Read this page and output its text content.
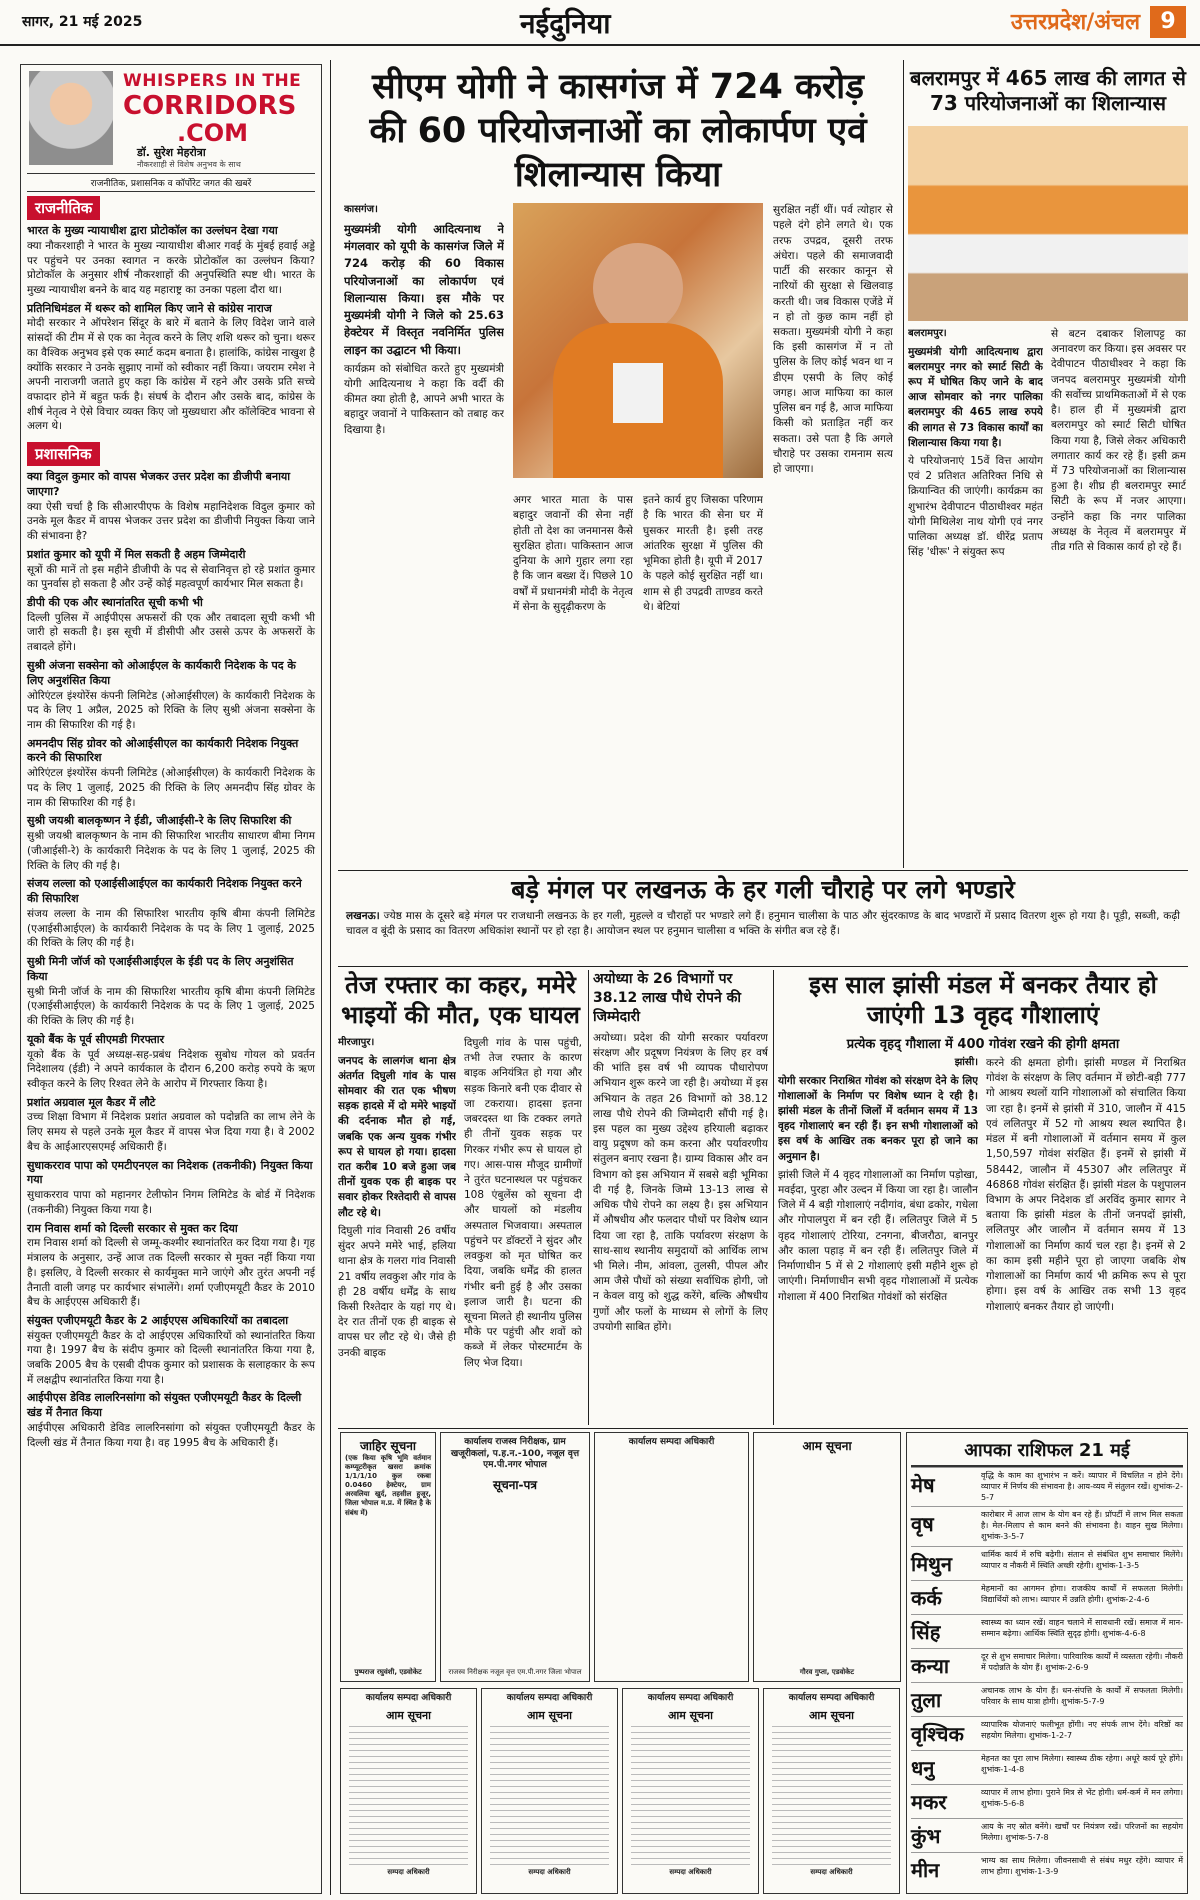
सागर, 21 मई 2025	नईदुनिया	उत्तरप्रदेश/अंचल 9
WHISPERS IN THE
CORRIDORS
.COM
डॉ. सुरेश मेहरोत्रा
नौकरशाही से विशेष अनुभव के साथ
राजनीतिक, प्रशासनिक व कॉर्पोरेट जगत की खबरें
राजनीतिक
भारत के मुख्य न्यायाधीश द्वारा प्रोटोकॉल का उल्लंघन देखा गया
क्या नौकरशाही ने भारत के मुख्य न्यायाधीश बीआर गवई के मुंबई हवाई अड्डे पर पहुंचने पर उनका स्वागत न करके प्रोटोकॉल का उल्लंघन किया? प्रोटोकॉल के अनुसार शीर्ष नौकरशाहों की अनुपस्थिति स्पष्ट थी। भारत के मुख्य न्यायाधीश बनने के बाद यह महाराष्ट्र का उनका पहला दौरा था।
प्रतिनिधिमंडल में थरूर को शामिल किए जाने से कांग्रेस नाराज
मोदी सरकार ने ऑपरेशन सिंदूर के बारे में बताने के लिए विदेश जाने वाले सांसदों की टीम में से एक का नेतृत्व करने के लिए शशि थरूर को चुना। थरूर का वैश्विक अनुभव इसे एक स्मार्ट कदम बनाता है। हालांकि, कांग्रेस नाखुश है क्योंकि सरकार ने उनके सुझाए नामों को स्वीकार नहीं किया। जयराम रमेश ने अपनी नाराजगी जताते हुए कहा कि कांग्रेस में रहने और उसके प्रति सच्चे वफादार होने में बहुत फर्क है। संघर्ष के दौरान और उसके बाद, कांग्रेस के शीर्ष नेतृत्व ने ऐसे विचार व्यक्त किए जो मुख्यधारा और कॉलेक्टिव भावना से अलग थे।
प्रशासनिक
क्या विदुल कुमार को वापस भेजकर उत्तर प्रदेश का डीजीपी बनाया जाएगा?
क्या ऐसी चर्चा है कि सीआरपीएफ के विशेष महानिदेशक विदुल कुमार को उनके मूल कैडर में वापस भेजकर उत्तर प्रदेश का डीजीपी नियुक्त किया जाने की संभावना है?
प्रशांत कुमार को यूपी में मिल सकती है अहम जिम्मेदारी
सूत्रों की मानें तो इस महीने डीजीपी के पद से सेवानिवृत्त हो रहे प्रशांत कुमार का पुनर्वास हो सकता है और उन्हें कोई महत्वपूर्ण कार्यभार मिल सकता है।
डीपी की एक और स्थानांतरित सूची कभी भी
दिल्ली पुलिस में आईपीएस अफसरों की एक और तबादला सूची कभी भी जारी हो सकती है। इस सूची में डीसीपी और उससे ऊपर के अफसरों के तबादले होंगे।
सुश्री अंजना सक्सेना को ओआईएल के कार्यकारी निदेशक के पद के लिए अनुशंसित किया
ओरिएंटल इंश्योरेंस कंपनी लिमिटेड (ओआईसीएल) के कार्यकारी निदेशक के पद के लिए 1 अप्रैल, 2025 को रिक्ति के लिए सुश्री अंजना सक्सेना के नाम की सिफारिश की गई है।
अमनदीप सिंह ग्रोवर को ओआईसीएल का कार्यकारी निदेशक नियुक्त करने की सिफारिश
ओरिएंटल इंश्योरेंस कंपनी लिमिटेड (ओआईसीएल) के कार्यकारी निदेशक के पद के लिए 1 जुलाई, 2025 की रिक्ति के लिए अमनदीप सिंह ग्रोवर के नाम की सिफारिश की गई है।
सुश्री जयश्री बालकृष्णन ने ईडी, जीआईसी-रे के लिए सिफारिश की
सुश्री जयश्री बालकृष्णन के नाम की सिफारिश भारतीय साधारण बीमा निगम (जीआईसी-रे) के कार्यकारी निदेशक के पद के लिए 1 जुलाई, 2025 की रिक्ति के लिए की गई है।
संजय लल्ला को एआईसीआईएल का कार्यकारी निदेशक नियुक्त करने की सिफारिश
संजय लल्ला के नाम की सिफारिश भारतीय कृषि बीमा कंपनी लिमिटेड (एआईसीआईएल) के कार्यकारी निदेशक के पद के लिए 1 जुलाई, 2025 की रिक्ति के लिए की गई है।
सुश्री मिनी जॉर्ज को एआईसीआईएल के ईडी पद के लिए अनुशंसित किया
सुश्री मिनी जॉर्ज के नाम की सिफारिश भारतीय कृषि बीमा कंपनी लिमिटेड (एआईसीआईएल) के कार्यकारी निदेशक के पद के लिए 1 जुलाई, 2025 की रिक्ति के लिए की गई है।
यूको बैंक के पूर्व सीएमडी गिरफ्तार
यूको बैंक के पूर्व अध्यक्ष-सह-प्रबंध निदेशक सुबोध गोयल को प्रवर्तन निदेशालय (ईडी) ने अपने कार्यकाल के दौरान 6,200 करोड़ रुपये के ऋण स्वीकृत करने के लिए रिश्वत लेने के आरोप में गिरफ्तार किया है।
प्रशांत अग्रवाल मूल कैडर में लौटे
उच्च शिक्षा विभाग में निदेशक प्रशांत अग्रवाल को पदोन्नति का लाभ लेने के लिए समय से पहले उनके मूल कैडर में वापस भेज दिया गया है। वे 2002 बैच के आईआरएसएमई अधिकारी हैं।
सुधाकरराव पापा को एमटीएनएल का निदेशक (तकनीकी) नियुक्त किया गया
सुधाकरराव पापा को महानगर टेलीफोन निगम लिमिटेड के बोर्ड में निदेशक (तकनीकी) नियुक्त किया गया है।
राम निवास शर्मा को दिल्ली सरकार से मुक्त कर दिया
राम निवास शर्मा को दिल्ली से जम्मू-कश्मीर स्थानांतरित कर दिया गया है। गृह मंत्रालय के अनुसार, उन्हें आज तक दिल्ली सरकार से मुक्त नहीं किया गया है। इसलिए, वे दिल्ली सरकार से कार्यमुक्त माने जाएंगे और तुरंत अपनी नई तैनाती वाली जगह पर कार्यभार संभालेंगे। शर्मा एजीएमयूटी कैडर के 2010 बैच के आईएएस अधिकारी हैं।
संयुक्त एजीएमयूटी कैडर के 2 आईएएस अधिकारियों का तबादला
संयुक्त एजीएमयूटी कैडर के दो आईएएस अधिकारियों को स्थानांतरित किया गया है। 1997 बैच के संदीप कुमार को दिल्ली स्थानांतरित किया गया है, जबकि 2005 बैच के एसबी दीपक कुमार को प्रशासक के सलाहकार के रूप में लक्षद्वीप स्थानांतरित किया गया है।
आईपीएस डेविड लालरिनसांगा को संयुक्त एजीएमयूटी कैडर के दिल्ली खंड में तैनात किया
आईपीएस अधिकारी डेविड लालरिनसांगा को संयुक्त एजीएमयूटी कैडर के दिल्ली खंड में तैनात किया गया है। वह 1995 बैच के अधिकारी हैं।
सीएम योगी ने कासगंज में 724 करोड़ की 60 परियोजनाओं का लोकार्पण एवं शिलान्यास किया

कासगंज।

मुख्यमंत्री योगी आदित्यनाथ ने मंगलवार को यूपी के कासगंज जिले में 724 करोड़ की 60 विकास परियोजनाओं का लोकार्पण एवं शिलान्यास किया। इस मौके पर मुख्यमंत्री योगी ने जिले को 25.63 हेक्टेयर में विस्तृत नवनिर्मित पुलिस लाइन का उद्घाटन भी किया।

कार्यक्रम को संबोधित करते हुए मुख्यमंत्री योगी आदित्यनाथ ने कहा कि वर्दी की कीमत क्या होती है, आपने अभी भारत के बहादुर जवानों ने पाकिस्तान को तबाह कर दिखाया है।

अगर भारत माता के पास बहादुर जवानों की सेना नहीं होती तो देश का जनमानस कैसे सुरक्षित होता। पाकिस्तान आज दुनिया के आगे गुहार लगा रहा है कि जान बख्श दें। पिछले 10 वर्षों में प्रधानमंत्री मोदी के नेतृत्व में सेना के सुदृढ़ीकरण के

इतने कार्य हुए जिसका परिणाम है कि भारत की सेना घर में घुसकर मारती है। इसी तरह आंतरिक सुरक्षा में पुलिस की भूमिका होती है। यूपी में 2017 के पहले कोई सुरक्षित नहीं था। शाम से ही उपद्रवी ताण्डव करते थे। बेटियां

सुरक्षित नहीं थीं। पर्व त्योहार से पहले दंगे होने लगते थे। एक तरफ उपद्रव, दूसरी तरफ अंधेरा। पहले की समाजवादी पार्टी की सरकार कानून से नारियों की सुरक्षा से खिलवाड़ करती थी। जब विकास एजेंडे में न हो तो कुछ काम नहीं हो सकता। मुख्यमंत्री योगी ने कहा कि इसी कासगंज में न तो पुलिस के लिए कोई भवन था न डीएम एसपी के लिए कोई जगह। आज माफिया का काल पुलिस बन गई है, आज माफिया किसी को प्रताड़ित नहीं कर सकता। उसे पता है कि अगले चौराहे पर उसका रामनाम सत्य हो जाएगा।

बलरामपुर में 465 लाख की लागत से 73 परियोजनाओं का शिलान्यास

बलरामपुर।

मुख्यमंत्री योगी आदित्यनाथ द्वारा बलरामपुर नगर को स्मार्ट सिटी के रूप में घोषित किए जाने के बाद आज सोमवार को नगर पालिका बलरामपुर की 465 लाख रुपये की लागत से 73 विकास कार्यों का शिलान्यास किया गया है।

ये परियोजनाएं 15वें वित्त आयोग एवं 2 प्रतिशत अतिरिक्त निधि से क्रियान्वित की जाएंगी। कार्यक्रम का शुभारंभ देवीपाटन पीठाधीश्वर महंत योगी मिथिलेश नाथ योगी एवं नगर पालिका अध्यक्ष डॉ. धीरेंद्र प्रताप सिंह 'धीरू' ने संयुक्त रूप

से बटन दबाकर शिलापट्ट का अनावरण कर किया। इस अवसर पर देवीपाटन पीठाधीश्वर ने कहा कि जनपद बलरामपुर मुख्यमंत्री योगी की सर्वोच्च प्राथमिकताओं में से एक है। हाल ही में मुख्यमंत्री द्वारा बलरामपुर को स्मार्ट सिटी घोषित किया गया है, जिसे लेकर अधिकारी लगातार कार्य कर रहे हैं। इसी क्रम में 73 परियोजनाओं का शिलान्यास हुआ है। शीघ्र ही बलरामपुर स्मार्ट सिटी के रूप में नजर आएगा। उन्होंने कहा कि नगर पालिका अध्यक्ष के नेतृत्व में बलरामपुर में तीव्र गति से विकास कार्य हो रहे हैं।

बड़े मंगल पर लखनऊ के हर गली चौराहे पर लगे भण्डारे

लखनऊ। ज्येष्ठ मास के दूसरे बड़े मंगल पर राजधानी लखनऊ के हर गली, मुहल्ले व चौराहों पर भण्डारे लगे हैं। हनुमान चालीसा के पाठ और सुंदरकाण्ड के बाद भण्डारों में प्रसाद वितरण शुरू हो गया है। पूड़ी, सब्जी, कढ़ी चावल व बूंदी के प्रसाद का वितरण अधिकांश स्थानों पर हो रहा है। आयोजन स्थल पर हनुमान चालीसा व भक्ति के संगीत बज रहे हैं।

तेज रफ्तार का कहर, ममेरे भाइयों की मौत, एक घायल

मीरजापुर।

जनपद के लालगंज थाना क्षेत्र अंतर्गत दिघुली गांव के पास सोमवार की रात एक भीषण सड़क हादसे में दो ममेरे भाइयों की दर्दनाक मौत हो गई, जबकि एक अन्य युवक गंभीर रूप से घायल हो गया। हादसा रात करीब 10 बजे हुआ जब तीनों युवक एक ही बाइक पर सवार होकर रिश्तेदारी से वापस लौट रहे थे।

दिघुली गांव निवासी 26 वर्षीय सुंदर अपने ममेरे भाई, हलिया थाना क्षेत्र के गलरा गांव निवासी 21 वर्षीय लवकुश और गांव के ही 28 वर्षीय धर्मेंद्र के साथ किसी रिश्तेदार के यहां गए थे। देर रात तीनों एक ही बाइक से वापस घर लौट रहे थे। जैसे ही उनकी बाइक

दिघुली गांव के पास पहुंची, तभी तेज रफ्तार के कारण बाइक अनियंत्रित हो गया और सड़क किनारे बनी एक दीवार से जा टकराया। हादसा इतना जबरदस्त था कि टक्कर लगते ही तीनों युवक सड़क पर गिरकर गंभीर रूप से घायल हो गए। आस-पास मौजूद ग्रामीणों ने तुरंत घटनास्थल पर पहुंचकर 108 एंबुलेंस को सूचना दी और घायलों को मंडलीय अस्पताल भिजवाया। अस्पताल पहुंचने पर डॉक्टरों ने सुंदर और लवकुश को मृत घोषित कर दिया, जबकि धर्मेंद्र की हालत गंभीर बनी हुई है और उसका इलाज जारी है। घटना की सूचना मिलते ही स्थानीय पुलिस मौके पर पहुंची और शवों को कब्जे में लेकर पोस्टमार्टम के लिए भेज दिया।

अयोध्या के 26 विभागों पर 38.12 लाख पौधे रोपने की जिम्मेदारी

अयोध्या। प्रदेश की योगी सरकार पर्यावरण संरक्षण और प्रदूषण नियंत्रण के लिए हर वर्ष की भांति इस वर्ष भी व्यापक पौधारोपण अभियान शुरू करने जा रही है। अयोध्या में इस अभियान के तहत 26 विभागों को 38.12 लाख पौधे रोपने की जिम्मेदारी सौंपी गई है। इस पहल का मुख्य उद्देश्य हरियाली बढ़ाकर वायु प्रदूषण को कम करना और पर्यावरणीय संतुलन बनाए रखना है। ग्राम्य विकास और वन विभाग को इस अभियान में सबसे बड़ी भूमिका दी गई है, जिनके जिम्मे 13-13 लाख से अधिक पौधे रोपने का लक्ष्य है। इस अभियान में औषधीय और फलदार पौधों पर विशेष ध्यान दिया जा रहा है, ताकि पर्यावरण संरक्षण के साथ-साथ स्थानीय समुदायों को आर्थिक लाभ भी मिले। नीम, आंवला, तुलसी, पीपल और आम जैसे पौधों को संख्या सर्वाधिक होगी, जो न केवल वायु को शुद्ध करेंगे, बल्कि औषधीय गुणों और फलों के माध्यम से लोगों के लिए उपयोगी साबित होंगे।

इस साल झांसी मंडल में बनकर तैयार हो जाएंगी 13 वृहद गौशालाएं
प्रत्येक वृहद् गौशाला में 400 गोवंश रखने की होगी क्षमता

झांसी।

योगी सरकार निराश्रित गोवंश को संरक्षण देने के लिए गोशालाओं के निर्माण पर विशेष ध्यान दे रही है। झांसी मंडल के तीनों जिलों में वर्तमान समय में 13 वृहद गोशालाएं बन रही हैं। इन सभी गोशालाओं को इस वर्ष के आखिर तक बनकर पूरा हो जाने का अनुमान है।

झांसी जिले में 4 वृहद गोशालाओं का निर्माण पड़ोखा, मवईदा, पुरहा और उल्दन में किया जा रहा है। जालौन जिले में 4 बड़ी गोशालाएं नदीगांव, बंधा ढकोर, गधेला और गोपालपुरा में बन रही हैं। ललितपुर जिले में 5 वृहद गोशालाएं टोरिया, टनगना, बीजरौठा, बानपुर और काला पहाड़ में बन रही हैं। ललितपुर जिले में निर्माणाधीन 5 में से 2 गोशालाएं इसी महीने शुरू हो जाएंगी। निर्माणाधीन सभी वृहद गोशालाओं में प्रत्येक गोशाला में 400 निराश्रित गोवंशों को संरक्षित

करने की क्षमता होगी। झांसी मण्डल में निराश्रित गोवंश के संरक्षण के लिए वर्तमान में छोटी-बड़ी 777 गो आश्रय स्थलों यानि गोशालाओं को संचालित किया जा रहा है। इनमें से झांसी में 310, जालौन में 415 एवं ललितपुर में 52 गो आश्रय स्थल स्थापित है। मंडल में बनी गोशालाओं में वर्तमान समय में कुल 1,50,597 गोवंश संरक्षित हैं। इनमें से झांसी में 58442, जालौन में 45307 और ललितपुर में 46868 गोवंश संरक्षित हैं। झांसी मंडल के पशुपालन विभाग के अपर निदेशक डॉ अरविंद कुमार सागर ने बताया कि झांसी मंडल के तीनों जनपदों झांसी, ललितपुर और जालौन में वर्तमान समय में 13 गोशालाओं का निर्माण कार्य चल रहा है। इनमें से 2 का काम इसी महीने पूरा हो जाएगा जबकि शेष गोशालाओं का निर्माण कार्य भी क्रमिक रूप से पूरा होगा। इस वर्ष के आखिर तक सभी 13 वृहद गोशालाएं बनकर तैयार हो जाएंगी।

जाहिर सूचना
(एक किया कृषि भूमि वर्तमान कम्प्यूटरीकृत खसरा क्रमांक 1/1/1/10 कुल रकबा 0.0460 हेक्टेयर, ग्राम अरवलिया खुर्द, तहसील हुजूर, जिला भोपाल म.प्र. में स्थित है के संबंध में)
पुष्पराज रघुवंशी, एडवोकेट
कार्यालय राजस्व निरीक्षक, ग्राम खजूरीकलां, प.ह.न.-100, नजूल वृत्त एम.पी.नगर भोपाल
सूचना-पत्र
राजस्व निरीक्षक नजूल वृत्त एम.पी.नगर जिला भोपाल
कार्यालय सम्पदा अधिकारी	आम सूचना
गौरव गुप्ता, एडवोकेट
कार्यालय सम्पदा अधिकारी
आम सूचना
सम्पदा अधिकारी
कार्यालय सम्पदा अधिकारी
आम सूचना
सम्पदा अधिकारी
कार्यालय सम्पदा अधिकारी
आम सूचना
सम्पदा अधिकारी
कार्यालय सम्पदा अधिकारी
आम सूचना
सम्पदा अधिकारी
आपका राशिफल 21 मई
मेष	वृद्धि के काम का शुभारंभ न करें। व्यापार में विचलित न होने देंगे। व्यापार में निर्णय की संभावना है। आय-व्यय में संतुलन रखें। शुभांक-2-5-7
वृष	कारोबार में आज लाभ के योग बन रहे हैं। प्रॉपर्टी में लाभ मिल सकता है। मेल-मिलाप से काम बनने की संभावना है। वाहन सुख मिलेगा। शुभांक-3-5-7
मिथुन	धार्मिक कार्य में रुचि बढ़ेगी। संतान से संबंधित शुभ समाचार मिलेंगे। व्यापार व नौकरी में स्थिति अच्छी रहेगी। शुभांक-1-3-5
कर्क	मेहमानों का आगमन होगा। राजकीय कार्यों में सफलता मिलेगी। विद्यार्थियों को लाभ। व्यापार में उन्नति होगी। शुभांक-2-4-6
सिंह	स्वास्थ्य का ध्यान रखें। वाहन चलाने में सावधानी रखें। समाज में मान-सम्मान बढ़ेगा। आर्थिक स्थिति सुदृढ़ होगी। शुभांक-4-6-8
कन्या	दूर से शुभ समाचार मिलेगा। पारिवारिक कार्यों में व्यस्तता रहेगी। नौकरी में पदोन्नति के योग हैं। शुभांक-2-6-9
तुला	अचानक लाभ के योग हैं। धन-संपत्ति के कार्यों में सफलता मिलेगी। परिवार के साथ यात्रा होगी। शुभांक-5-7-9
वृश्चिक	व्यापारिक योजनाएं फलीभूत होंगी। नए संपर्क लाभ देंगे। वरिष्ठों का सहयोग मिलेगा। शुभांक-1-2-7
धनु	मेहनत का पूरा लाभ मिलेगा। स्वास्थ्य ठीक रहेगा। अधूरे कार्य पूरे होंगे। शुभांक-1-4-8
मकर	व्यापार में लाभ होगा। पुराने मित्र से भेंट होगी। धर्म-कर्म में मन लगेगा। शुभांक-5-6-8
कुंभ	आय के नए स्रोत बनेंगे। खर्चों पर नियंत्रण रखें। परिजनों का सहयोग मिलेगा। शुभांक-5-7-8
मीन	भाग्य का साथ मिलेगा। जीवनसाथी से संबंध मधुर रहेंगे। व्यापार में लाभ होगा। शुभांक-1-3-9
